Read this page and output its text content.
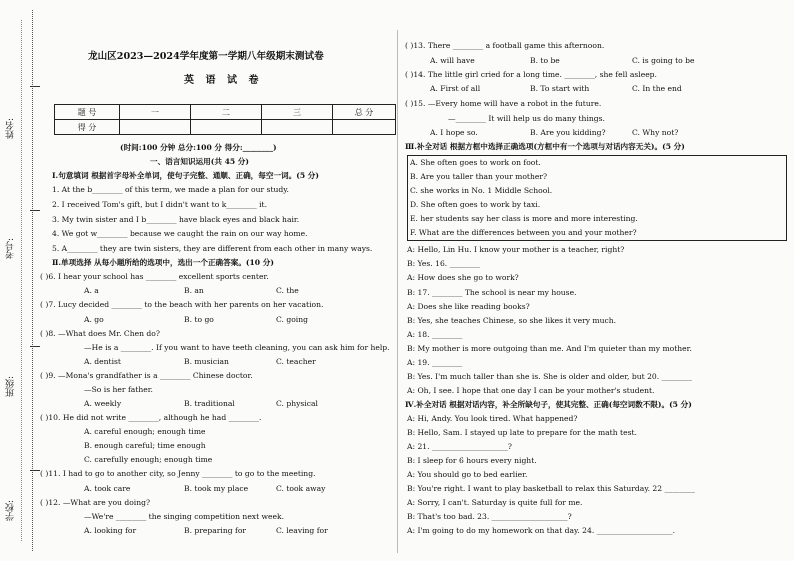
姓名:
考号:
班级:
学校:
龙山区2023—2024学年度第一学期八年级期末测试卷
英 语 试 卷
题 号	一	二	三	总 分
得 分				
(时间:100 分钟 总分:100 分 得分:________)
一、语言知识运用(共 45 分)
Ⅰ.句意填词 根据首字母补全单词，使句子完整、通顺、正确，每空一词。(5 分)
1. At the b________ of this term, we made a plan for our study.
2. I received Tom's gift, but I didn't want to k________ it.
3. My twin sister and I b________ have black eyes and black hair.
4. We got w________ because we caught the rain on our way home.
5. A________ they are twin sisters, they are different from each other in many ways.
Ⅱ.单项选择 从每小题所给的选项中，选出一个正确答案。(10 分)
( )6. I hear your school has ________ excellent sports center.
A. a	B. an	C. the
( )7. Lucy decided ________ to the beach with her parents on her vacation.
A. go	B. to go	C. going
( )8. —What does Mr. Chen do?
—He is a ________. If you want to have teeth cleaning, you can ask him for help.
A. dentist	B. musician	C. teacher
( )9. —Mona's grandfather is a ________ Chinese doctor.
—So is her father.
A. weekly	B. traditional	C. physical
( )10. He did not write ________, although he had ________.
A. careful enough; enough time
B. enough careful; time enough
C. carefully enough; enough time
( )11. I had to go to another city, so Jenny ________ to go to the meeting.
A. took care	B. took my place	C. took away
( )12. —What are you doing?
—We're ________ the singing competition next week.
A. looking for	B. preparing for	C. leaving for
( )13. There ________ a football game this afternoon.
A. will have	B. to be	C. is going to be
( )14. The little girl cried for a long time. ________, she fell asleep.
A. First of all	B. To start with	C. In the end
( )15. —Every home will have a robot in the future.
—________ It will help us do many things.
A. I hope so.	B. Are you kidding?	C. Why not?
Ⅲ.补全对话 根据方框中选择正确选项(方框中有一个选项与对话内容无关)。(5 分)
A. She often goes to work on foot.
B. Are you taller than your mother?
C. she works in No. 1 Middle School.
D. She often goes to work by taxi.
E. her students say her class is more and more interesting.
F. What are the differences between you and your mother?
A: Hello, Lin Hu. I know your mother is a teacher, right?
B: Yes. 16. ________
A: How does she go to work?
B: 17. ________ The school is near my house.
A: Does she like reading books?
B: Yes, she teaches Chinese, so she likes it very much.
A: 18. ________
B: My mother is more outgoing than me. And I'm quieter than my mother.
A: 19. ________
B: Yes. I'm much taller than she is. She is older and older, but 20. ________
A: Oh, I see. I hope that one day I can be your mother's student.
Ⅳ.补全对话 根据对话内容，补全所缺句子，使其完整、正确(每空词数不限)。(5 分)
A: Hi, Andy. You look tired. What happened?
B: Hello, Sam. I stayed up late to prepare for the math test.
A: 21. ____________________?
B: I sleep for 6 hours every night.
A: You should go to bed earlier.
B: You're right. I want to play basketball to relax this Saturday. 22 ________
A: Sorry, I can't. Saturday is quite full for me.
B: That's too bad. 23. ____________________?
A: I'm going to do my homework on that day. 24. ____________________.
